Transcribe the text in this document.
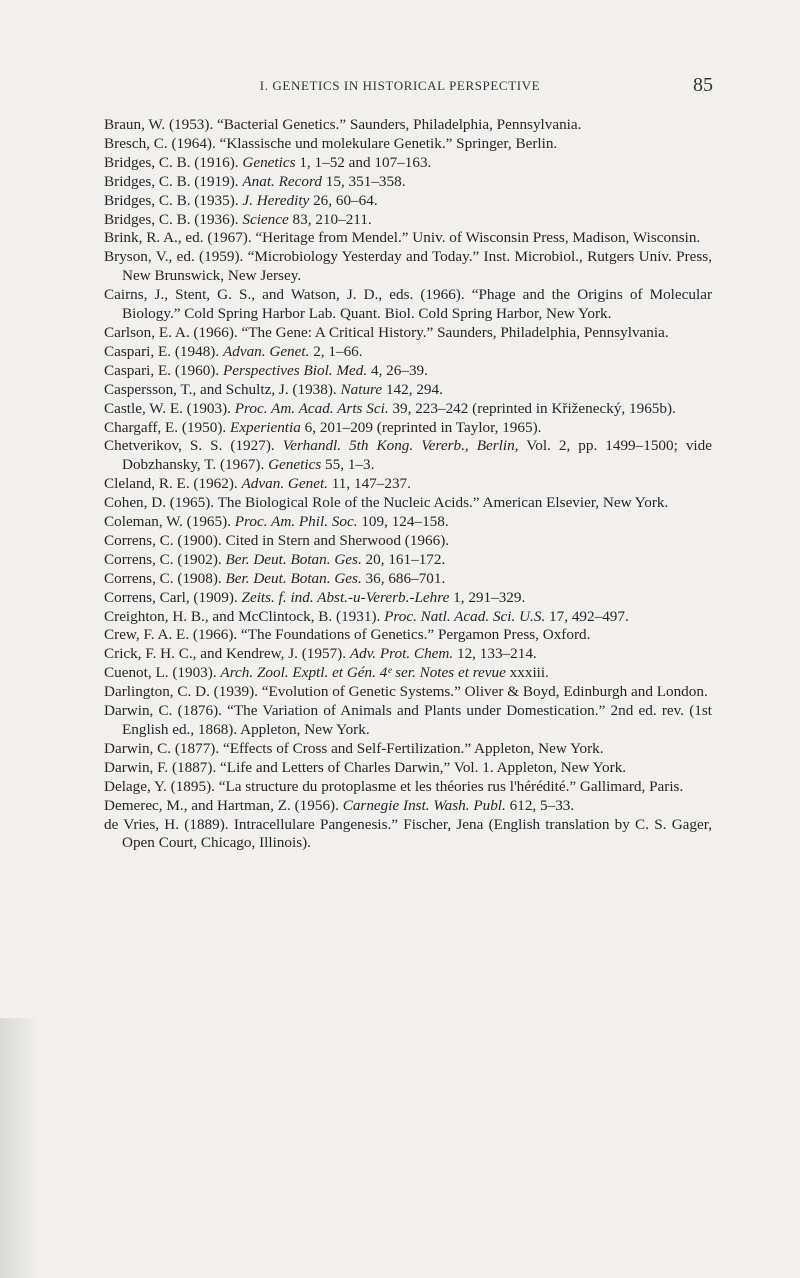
I. GENETICS IN HISTORICAL PERSPECTIVE	85

Braun, W. (1953). “Bacterial Genetics.” Saunders, Philadelphia, Pennsylvania.

Bresch, C. (1964). “Klassische und molekulare Genetik.” Springer, Berlin.

Bridges, C. B. (1916). Genetics 1, 1–52 and 107–163.

Bridges, C. B. (1919). Anat. Record 15, 351–358.

Bridges, C. B. (1935). J. Heredity 26, 60–64.

Bridges, C. B. (1936). Science 83, 210–211.

Brink, R. A., ed. (1967). “Heritage from Mendel.” Univ. of Wisconsin Press, Madison, Wisconsin.

Bryson, V., ed. (1959). “Microbiology Yesterday and Today.” Inst. Microbiol., Rutgers Univ. Press, New Brunswick, New Jersey.

Cairns, J., Stent, G. S., and Watson, J. D., eds. (1966). “Phage and the Origins of Molecular Biology.” Cold Spring Harbor Lab. Quant. Biol. Cold Spring Harbor, New York.

Carlson, E. A. (1966). “The Gene: A Critical History.” Saunders, Philadelphia, Pennsylvania.

Caspari, E. (1948). Advan. Genet. 2, 1–66.

Caspari, E. (1960). Perspectives Biol. Med. 4, 26–39.

Caspersson, T., and Schultz, J. (1938). Nature 142, 294.

Castle, W. E. (1903). Proc. Am. Acad. Arts Sci. 39, 223–242 (reprinted in Křiženecký, 1965b).

Chargaff, E. (1950). Experientia 6, 201–209 (reprinted in Taylor, 1965).

Chetverikov, S. S. (1927). Verhandl. 5th Kong. Vererb., Berlin, Vol. 2, pp. 1499–1500; vide Dobzhansky, T. (1967). Genetics 55, 1–3.

Cleland, R. E. (1962). Advan. Genet. 11, 147–237.

Cohen, D. (1965). The Biological Role of the Nucleic Acids.” American Elsevier, New York.

Coleman, W. (1965). Proc. Am. Phil. Soc. 109, 124–158.

Correns, C. (1900). Cited in Stern and Sherwood (1966).

Correns, C. (1902). Ber. Deut. Botan. Ges. 20, 161–172.

Correns, C. (1908). Ber. Deut. Botan. Ges. 36, 686–701.

Correns, Carl, (1909). Zeits. f. ind. Abst.-u-Vererb.-Lehre 1, 291–329.

Creighton, H. B., and McClintock, B. (1931). Proc. Natl. Acad. Sci. U.S. 17, 492–497.

Crew, F. A. E. (1966). “The Foundations of Genetics.” Pergamon Press, Oxford.

Crick, F. H. C., and Kendrew, J. (1957). Adv. Prot. Chem. 12, 133–214.

Cuenot, L. (1903). Arch. Zool. Exptl. et Gén. 4ᵉ ser. Notes et revue xxxiii.

Darlington, C. D. (1939). “Evolution of Genetic Systems.” Oliver & Boyd, Edinburgh and London.

Darwin, C. (1876). “The Variation of Animals and Plants under Domestication.” 2nd ed. rev. (1st English ed., 1868). Appleton, New York.

Darwin, C. (1877). “Effects of Cross and Self-Fertilization.” Appleton, New York.

Darwin, F. (1887). “Life and Letters of Charles Darwin,” Vol. 1. Appleton, New York.

Delage, Y. (1895). “La structure du protoplasme et les théories rus l'hérédité.” Gallimard, Paris.

Demerec, M., and Hartman, Z. (1956). Carnegie Inst. Wash. Publ. 612, 5–33.

de Vries, H. (1889). Intracellulare Pangenesis.” Fischer, Jena (English translation by C. S. Gager, Open Court, Chicago, Illinois).
